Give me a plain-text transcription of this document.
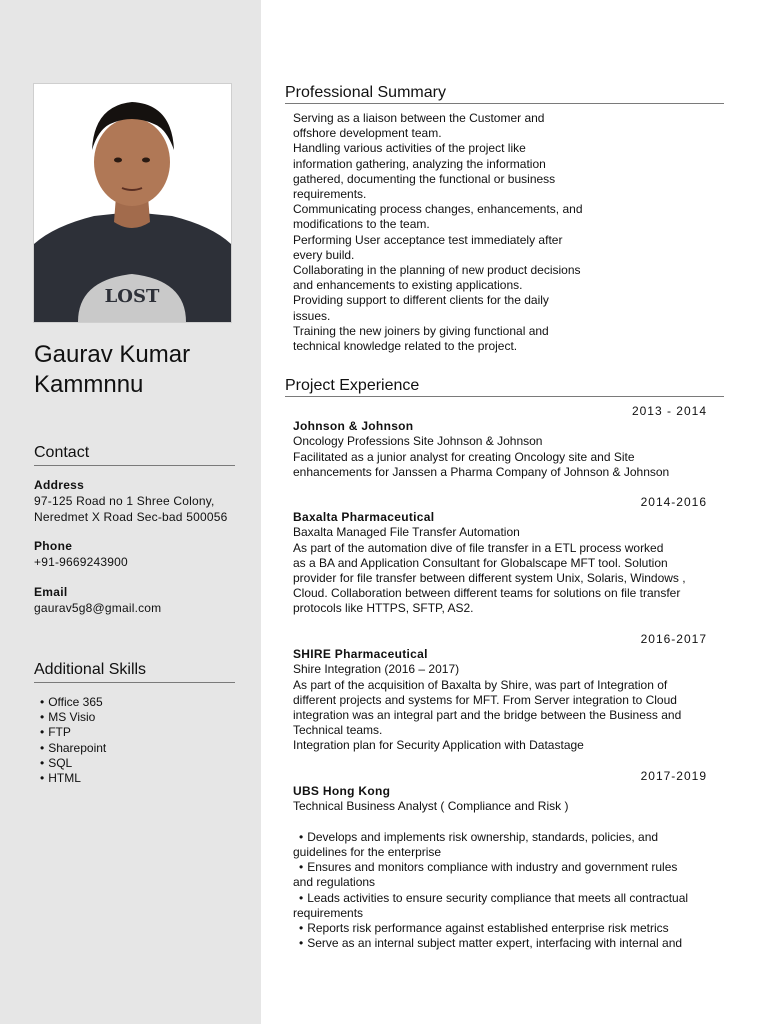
LOST
Gaurav Kumar
Kammnnu
Contact
Address
97-125 Road no 1 Shree Colony,
Neredmet X Road Sec-bad 500056
Phone
+91-9669243900
Email
gaurav5g8@gmail.com
Additional Skills
• Office 365
• MS Visio
• FTP
• Sharepoint
• SQL
• HTML
Professional Summary
Serving as a liaison between the Customer and
offshore development team.
Handling various activities of the project like
information gathering, analyzing the information
gathered, documenting the functional or business
requirements.
Communicating process changes, enhancements, and
modifications to the team.
Performing User acceptance test immediately after
every build.
Collaborating in the planning of new product decisions
and enhancements to existing applications.
Providing support to different clients for the daily
issues.
Training the new joiners by giving functional and
technical knowledge related to the project.
Project Experience
2013 - 2014
Johnson & Johnson
Oncology Professions Site Johnson & Johnson
Facilitated as a junior analyst for creating Oncology site and Site
enhancements for Janssen a Pharma Company of Johnson & Johnson
2014-2016
Baxalta Pharmaceutical
Baxalta Managed File Transfer Automation
As part of the automation dive of file transfer in a ETL process worked
as a BA and Application Consultant for Globalscape MFT tool. Solution
provider for file transfer between different system Unix, Solaris, Windows ,
Cloud. Collaboration between different teams for solutions on file transfer
protocols like HTTPS, SFTP, AS2.
2016-2017
SHIRE Pharmaceutical
Shire Integration (2016 – 2017)
As part of the acquisition of Baxalta by Shire, was part of Integration of
different projects and systems for MFT. From Server integration to Cloud
integration was an integral part and the bridge between the Business and
Technical teams.
Integration plan for Security Application with Datastage
2017-2019
UBS Hong Kong
Technical Business Analyst ( Compliance and Risk )
• Develops and implements risk ownership, standards, policies, and
guidelines for the enterprise
• Ensures and monitors compliance with industry and government rules
and regulations
• Leads activities to ensure security compliance that meets all contractual
requirements
• Reports risk performance against established enterprise risk metrics
• Serve as an internal subject matter expert, interfacing with internal and
